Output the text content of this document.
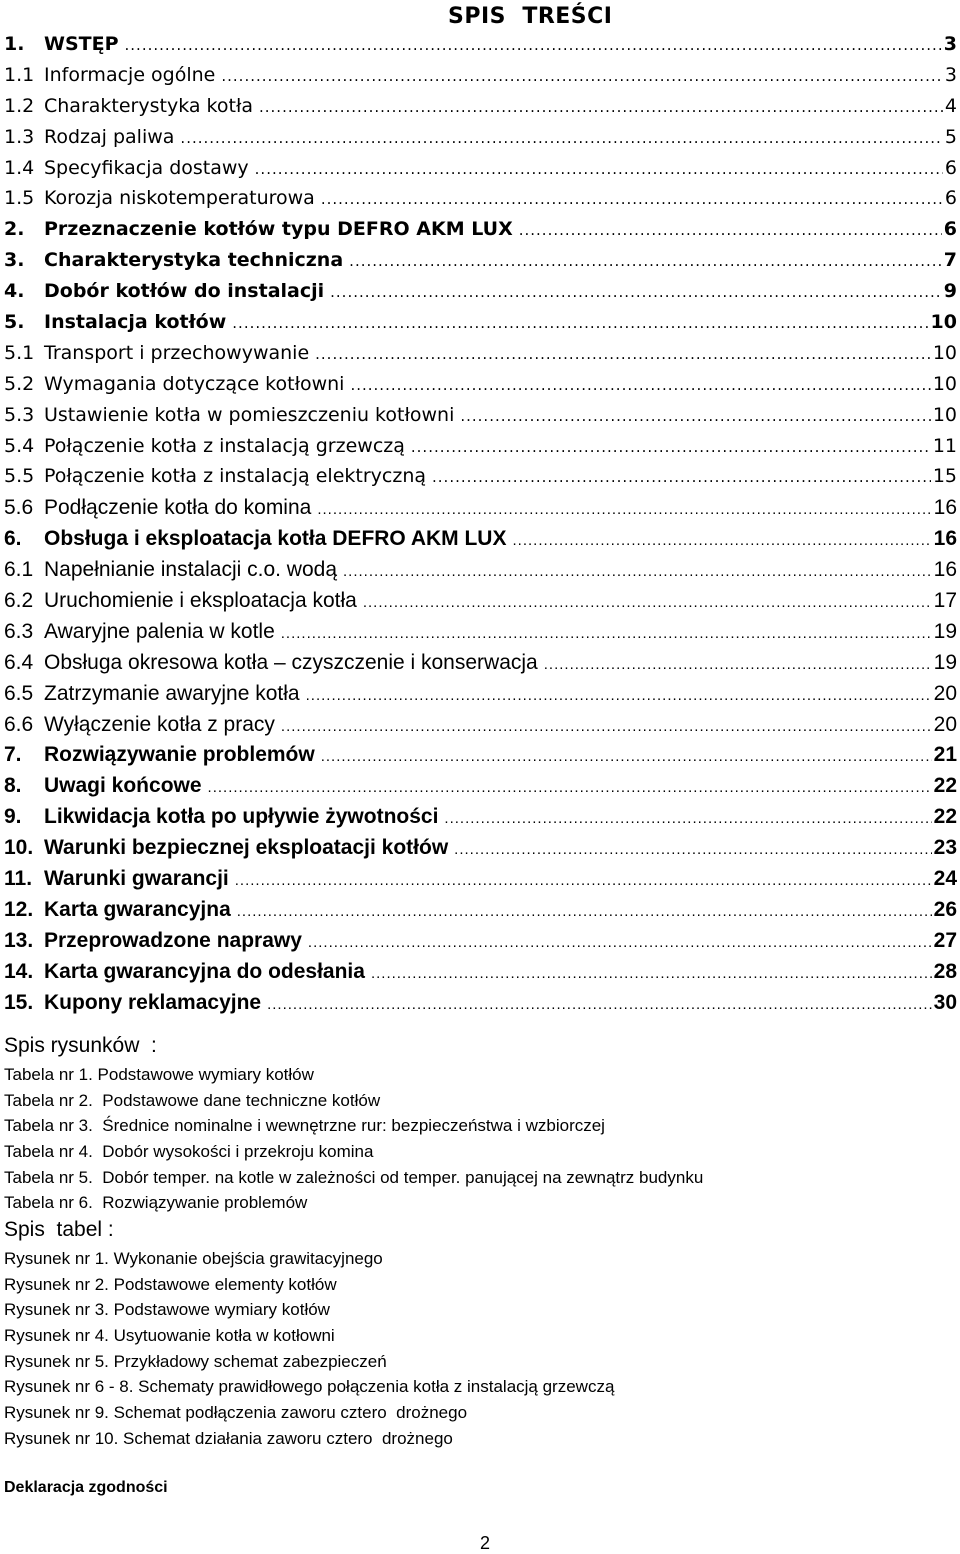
SPIS  TREŚCI
1.	WSTĘP .....	3
1.1 Informacje ogólne .....	3
1.2 Charakterystyka kotła .....	4
1.3 Rodzaj paliwa .....	5
1.4 Specyfikacja dostawy .....	6
1.5 Korozja niskotemperaturowa .....	6
2.	Przeznaczenie kotłów typu DEFRO AKM LUX .....	6
3.	Charakterystyka techniczna .....	7
4.	Dobór kotłów do instalacji .....	9
5.	Instalacja kotłów .....	10
5.1 Transport i przechowywanie .....	10
5.2 Wymagania dotyczące kotłowni .....	10
5.3 Ustawienie kotła w pomieszczeniu kotłowni .....	10
5.4 Połączenie kotła z instalacją grzewczą .....	11
5.5 Połączenie kotła z instalacją elektryczną .....	15
5.6 Podłączenie kotła do komina .....	16
6.	Obsługa i eksploatacja kotła DEFRO AKM LUX .....	16
6.1 Napełnianie instalacji c.o. wodą .....	16
6.2 Uruchomienie i eksploatacja kotła .....	17
6.3 Awaryjne palenia w kotle .....	19
6.4 Obsługa okresowa kotła – czyszczenie i konserwacja .....	19
6.5 Zatrzymanie awaryjne kotła .....	20
6.6 Wyłączenie kotła z pracy .....	20
7.	Rozwiązywanie problemów .....	21
8.	Uwagi końcowe .....	22
9.	Likwidacja kotła po upływie żywotności .....	22
10. Warunki bezpiecznej eksploatacji kotłów .....	23
11. Warunki gwarancji .....	24
12. Karta gwarancyjna .....	26
13. Przeprowadzone naprawy .....	27
14. Karta gwarancyjna do odesłania .....	28
15. Kupony reklamacyjne .....	30
Spis rysunków  :
Tabela nr 1. Podstawowe wymiary kotłów
Tabela nr 2.  Podstawowe dane techniczne kotłów
Tabela nr 3.  Średnice nominalne i wewnętrzne rur: bezpieczeństwa i wzbiorczej
Tabela nr 4.  Dobór wysokości i przekroju komina
Tabela nr 5.  Dobór temper. na kotle w zależności od temper. panującej na zewnątrz budynku
Tabela nr 6.  Rozwiązywanie problemów
Spis  tabel :
Rysunek nr 1. Wykonanie obejścia grawitacyjnego
Rysunek nr 2. Podstawowe elementy kotłów
Rysunek nr 3. Podstawowe wymiary kotłów
Rysunek nr 4. Usytuowanie kotła w kotłowni
Rysunek nr 5. Przykładowy schemat zabezpieczeń
Rysunek nr 6 - 8. Schematy prawidłowego połączenia kotła z instalacją grzewczą
Rysunek nr 9. Schemat podłączenia zaworu cztero  drożnego
Rysunek nr 10. Schemat działania zaworu cztero  drożnego
Deklaracja zgodności
2
